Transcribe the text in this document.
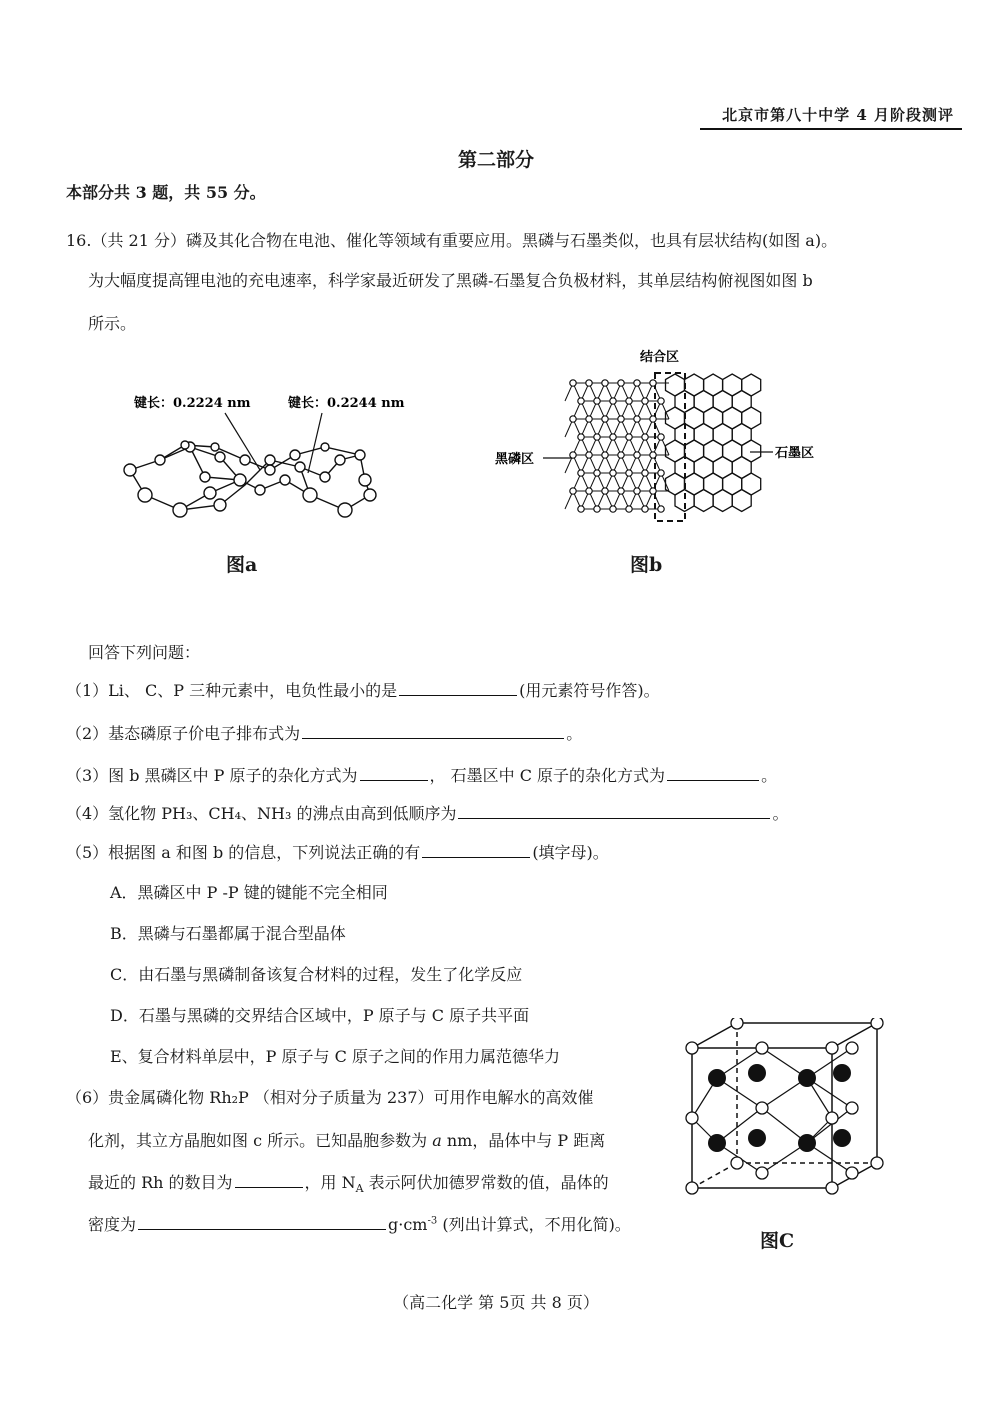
北京市第八十中学 4 月阶段测评
第二部分
本部分共 3 题，共 55 分。
16.（共 21 分）磷及其化合物在电池、催化等领域有重要应用。黑磷与石墨类似，也具有层状结构(如图 a)。
为大幅度提高锂电池的充电速率，科学家最近研发了黑磷-石墨复合负极材料，其单层结构俯视图如图 b
所示。
键长：0.2224 nm	键长：0.2244 nm
图a
结合区
黑磷区	石墨区
图b
回答下列问题：
（1）Li、 C、P 三种元素中，电负性最小的是	(用元素符号作答)。
（2）基态磷原子价电子排布式为	。
（3）图 b 黑磷区中 P 原子的杂化方式为	， 石墨区中 C 原子的杂化方式为	。
（4）氢化物 PH₃、CH₄、NH₃ 的沸点由高到低顺序为	。
（5）根据图 a 和图 b 的信息，下列说法正确的有	(填字母)。
A．黑磷区中 P -P 键的键能不完全相同
B．黑磷与石墨都属于混合型晶体
C．由石墨与黑磷制备该复合材料的过程，发生了化学反应
D．石墨与黑磷的交界结合区域中，P 原子与 C 原子共平面
E、复合材料单层中，P 原子与 C 原子之间的作用力属范德华力
（6）贵金属磷化物 Rh₂P （相对分子质量为 237）可用作电解水的高效催
化剂，其立方晶胞如图 c 所示。已知晶胞参数为 a nm，晶体中与 P 距离
最近的 Rh 的数目为	，用 $N_A$ 表示阿伏加德罗常数的值，晶体的
密度为	$g\cdot cm^{-3}$ (列出计算式，不用化简)。
图C
（高二化学 第 5页 共 8 页）
